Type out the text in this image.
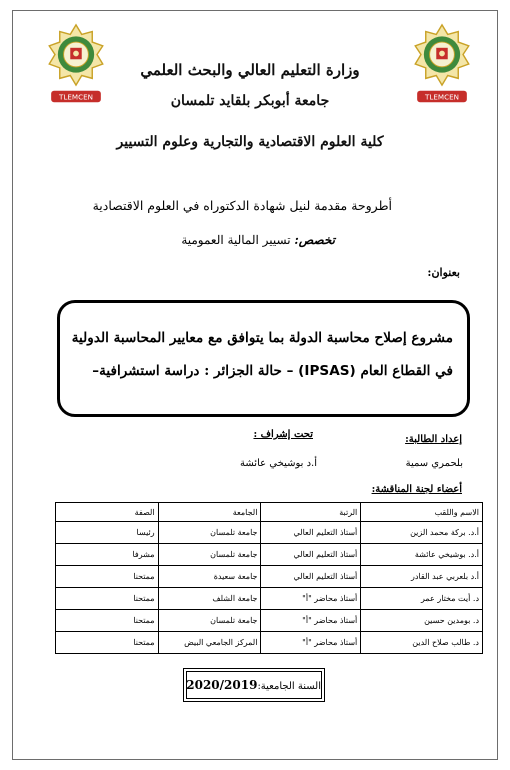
TLEMCEN	TLEMCEN
وزارة التعليم العالي والبحث العلمي
جامعة أبوبكر بلقايد تلمسان
كلية العلوم الاقتصادية والتجارية وعلوم التسيير
أطروحة مقدمة لنيل شهادة الدكتوراه في العلوم الاقتصادية
تخصص: تسيير المالية العمومية
بعنوان:
مشروع إصلاح محاسبة الدولة بما يتوافق مع معايير المحاسبة الدولية
في القطاع العام (IPSAS) – حالة الجزائر : دراسة استشرافية–
تحت إشراف :	إعداد الطالبة:
أ.د بوشيخي عائشة	بلحمري سمية
أعضاء لجنة المناقشة:
الاسم واللقب	الرتبة	الجامعة	الصفة
أ.د. بركة محمد الزين	أستاذ التعليم العالي	جامعة تلمسان	رئيسا
أ.د. بوشيخي عائشة	أستاذ التعليم العالي	جامعة تلمسان	مشرفا
أ.د بلعربي عبد القادر	أستاذ التعليم العالي	جامعة سعيدة	ممتحنا
د. أيت مختار عمر	أستاذ محاضر "أ"	جامعة الشلف	ممتحنا
د. بومدين حسين	أستاذ محاضر "أ"	جامعة تلمسان	ممتحنا
د. طالب صلاح الدين	أستاذ محاضر "أ"	المركز الجامعي البيض	ممتحنا
السنة الجامعية:2020/2019
